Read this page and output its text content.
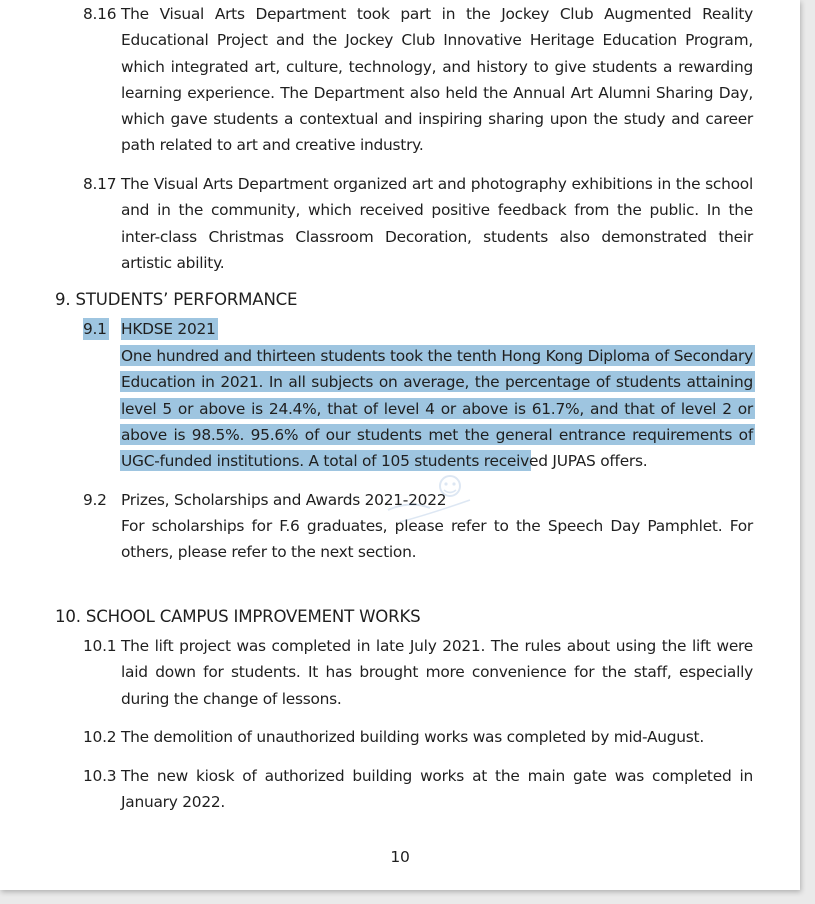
8.16 The Visual Arts Department took part in the Jockey Club Augmented Reality Educational Project and the Jockey Club Innovative Heritage Education Program, which integrated art, culture, technology, and history to give students a rewarding learning experience. The Department also held the Annual Art Alumni Sharing Day, which gave students a contextual and inspiring sharing upon the study and career path related to art and creative industry.

8.17 The Visual Arts Department organized art and photography exhibitions in the school and in the community, which received positive feedback from the public. In the inter-class Christmas Classroom Decoration, students also demonstrated their artistic ability.

9. STUDENTS’ PERFORMANCE
9.1 HKDSE 2021

One hundred and thirteen students took the tenth Hong Kong Diploma of Secondary Education in 2021. In all subjects on average, the percentage of students attaining level 5 or above is 24.4%, that of level 4 or above is 61.7%, and that of level 2 or above is 98.5%. 95.6% of our students met the general entrance requirements of UGC-funded institutions. A total of 105 students received JUPAS offers.

9.2 Prizes, Scholarships and Awards 2021-2022

For scholarships for F.6 graduates, please refer to the Speech Day Pamphlet. For others, please refer to the next section.

10. SCHOOL CAMPUS IMPROVEMENT WORKS
10.1 The lift project was completed in late July 2021. The rules about using the lift were laid down for students. It has brought more convenience for the staff, especially during the change of lessons.

10.2 The demolition of unauthorized building works was completed by mid-August.

10.3 The new kiosk of authorized building works at the main gate was completed in January 2022.

10
